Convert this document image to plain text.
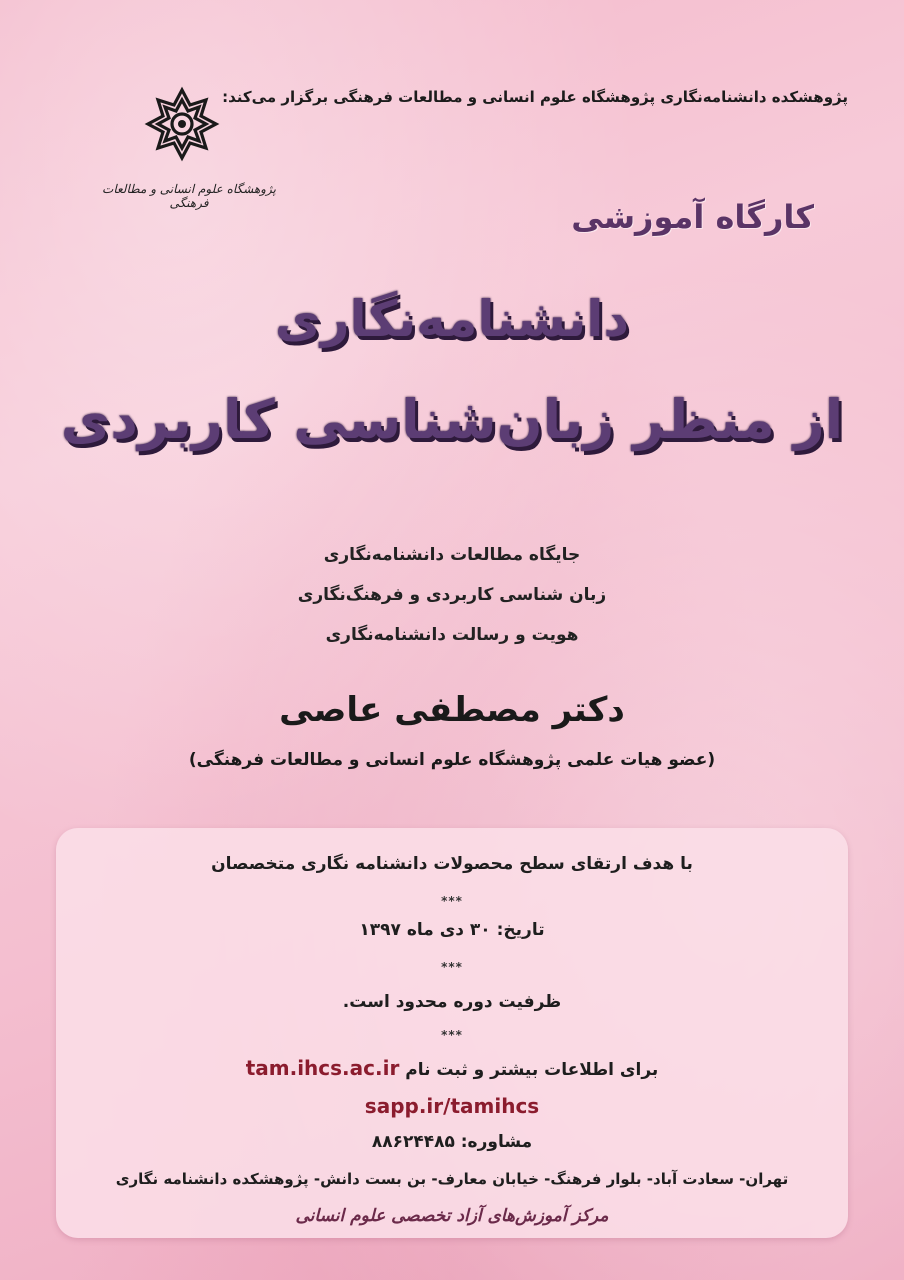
پژوهشکده دانشنامه‌نگاری پژوهشگاه علوم انسانی و مطالعات فرهنگی برگزار می‌کند:
پژوهشگاه علوم انسانی و مطالعات فرهنگی	کارگاه آموزشی
دانشنامه‌نگاری
از منظر زبان‌شناسی کاربردی
جایگاه مطالعات دانشنامه‌نگاری
زبان شناسی کاربردی و فرهنگ‌نگاری
هویت و رسالت دانشنامه‌نگاری
دکتر مصطفی عاصی
(عضو هیات علمی پژوهشگاه علوم انسانی و مطالعات فرهنگی)
با هدف ارتقای سطح محصولات دانشنامه نگاری متخصصان
***
تاریخ: ۳۰ دی ماه ۱۳۹۷
***
ظرفیت دوره محدود است.
***
برای اطلاعات بیشتر و ثبت نام tam.ihcs.ac.ir
sapp.ir/tamihcs
مشاوره: ۸۸۶۲۴۴۸۵
تهران- سعادت آباد- بلوار فرهنگ- خیابان معارف- بن بست دانش- پژوهشکده دانشنامه نگاری
مرکز آموزش‌های آزاد تخصصی علوم انسانی
